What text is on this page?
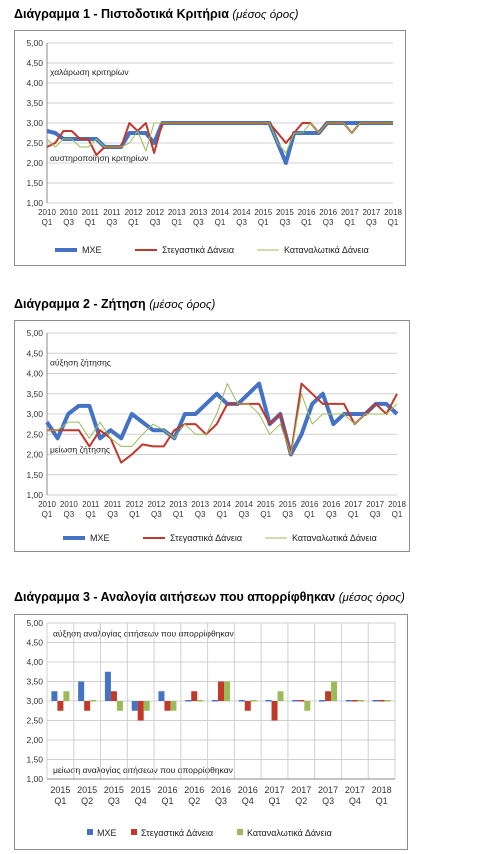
Διάγραμμα 1 - Πιστοδοτικά Κριτήρια (μέσος όρος)
1,00
1,50
2,00
2,50
3,00
3,50
4,00
4,50
5,00
χαλάρωση κριτηρίων
αυστηροποίηση κριτηρίων
2010
Q1
2010
Q3
2011
Q1
2011
Q3
2012
Q1
2012
Q3
2013
Q1
2013
Q3
2014
Q1
2014
Q3
2015
Q1
2015
Q3
2016
Q1
2016
Q3
2017
Q1
2017
Q3
2018
Q1
ΜΧΕ	Στεγαστικά Δάνεια	Καταναλωτικά Δάνεια
Διάγραμμα 2 - Ζήτηση (μέσος όρος)
1,00
1,50
2,00
2,50
3,00
3,50
4,00
4,50
5,00
αύξηση ζήτησης
μείωση ζήτησης
2010
Q1
2010
Q3
2011
Q1
2011
Q3
2012
Q1
2012
Q3
2013
Q1
2013
Q3
2014
Q1
2014
Q3
2015
Q1
2015
Q3
2016
Q1
2016
Q3
2017
Q1
2017
Q3
2018
Q1
ΜΧΕ	Στεγαστικά Δάνεια	Καταναλωτικά Δάνεια
Διάγραμμα 3 - Αναλογία αιτήσεων που απορρίφθηκαν (μέσος όρος)
1,00
1,50
2,00
2,50
3,00
3,50
4,00
4,50
5,00
αύξηση αναλογίας αιτήσεων που απορρίφθηκαν
μείωση αναλογίας αιτήσεων που απορρίφθηκαν
2015
Q1
2015
Q2
2015
Q3
2015
Q4
2016
Q1
2016
Q2
2016
Q3
2016
Q4
2017
Q1
2017
Q2
2017
Q3
2017
Q4
2018
Q1
ΜΧΕ	Στεγαστικά Δάνεια	Καταναλωτικά Δάνεια
